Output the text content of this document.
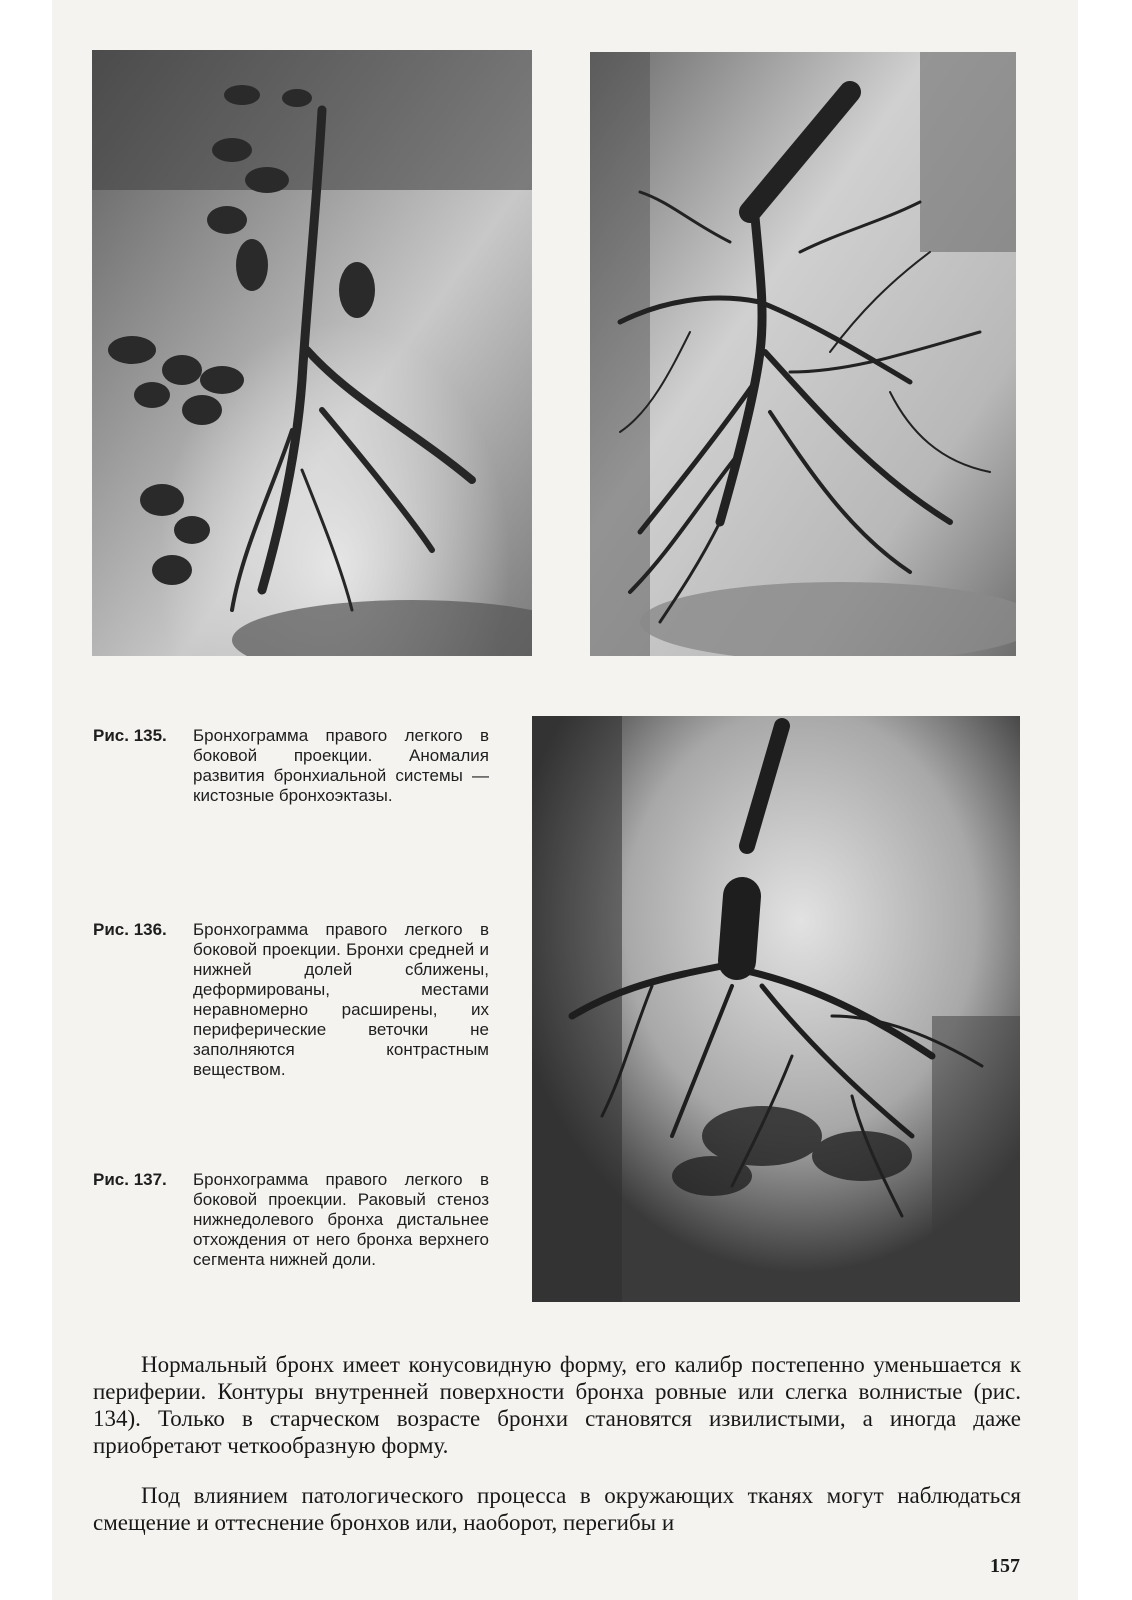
Рис. 135.	Бронхограмма правого легкого в боковой проекции. Аномалия развития бронхиальной системы — кистозные бронхоэктазы.
Рис. 136.	Бронхограмма правого легкого в боковой проекции. Бронхи средней и нижней долей сближены, деформированы, местами неравномерно расширены, их периферические веточки не заполняются контрастным веществом.
Рис. 137.	Бронхограмма правого легкого в боковой проекции. Раковый стеноз нижнедолевого бронха дистальнее отхождения от него бронха верхнего сегмента нижней доли.
Нормальный бронх имеет конусовидную форму, его калибр постепенно уменьшается к периферии. Контуры внутренней поверхности бронха ровные или слегка волнистые (рис. 134). Только в старческом возрасте бронхи становятся извилистыми, а иногда даже приобретают четкообразную форму.
Под влиянием патологического процесса в окружающих тканях могут наблюдаться смещение и оттеснение бронхов или, наоборот, перегибы и
157
